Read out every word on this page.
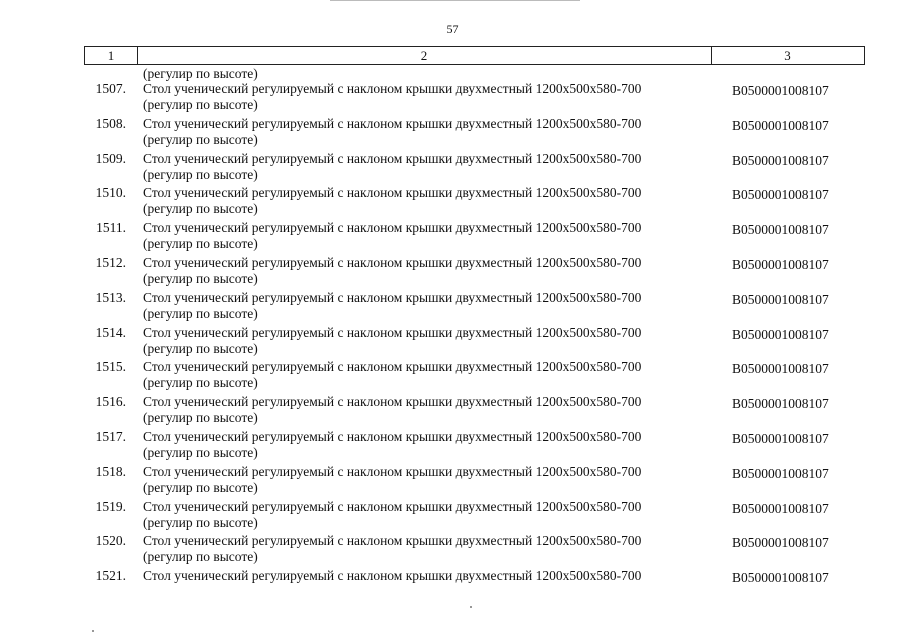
57
1	2	3
(регулир по высоте)
1507. Стол ученический регулируемый с наклоном крышки двухместный 1200х500х580-700
(регулир по высоте)
В0500001008107
1508. Стол ученический регулируемый с наклоном крышки двухместный 1200х500х580-700
(регулир по высоте)
В0500001008107
1509. Стол ученический регулируемый с наклоном крышки двухместный 1200х500х580-700
(регулир по высоте)
В0500001008107
1510. Стол ученический регулируемый с наклоном крышки двухместный 1200х500х580-700
(регулир по высоте)
В0500001008107
1511. Стол ученический регулируемый с наклоном крышки двухместный 1200х500х580-700
(регулир по высоте)
В0500001008107
1512. Стол ученический регулируемый с наклоном крышки двухместный 1200х500х580-700
(регулир по высоте)
В0500001008107
1513. Стол ученический регулируемый с наклоном крышки двухместный 1200х500х580-700
(регулир по высоте)
В0500001008107
1514. Стол ученический регулируемый с наклоном крышки двухместный 1200х500х580-700
(регулир по высоте)
В0500001008107
1515. Стол ученический регулируемый с наклоном крышки двухместный 1200х500х580-700
(регулир по высоте)
В0500001008107
1516. Стол ученический регулируемый с наклоном крышки двухместный 1200х500х580-700
(регулир по высоте)
В0500001008107
1517. Стол ученический регулируемый с наклоном крышки двухместный 1200х500х580-700
(регулир по высоте)
В0500001008107
1518. Стол ученический регулируемый с наклоном крышки двухместный 1200х500х580-700
(регулир по высоте)
В0500001008107
1519. Стол ученический регулируемый с наклоном крышки двухместный 1200х500х580-700
(регулир по высоте)
В0500001008107
1520. Стол ученический регулируемый с наклоном крышки двухместный 1200х500х580-700
(регулир по высоте)
В0500001008107
1521. Стол ученический регулируемый с наклоном крышки двухместный 1200х500х580-700	В0500001008107
